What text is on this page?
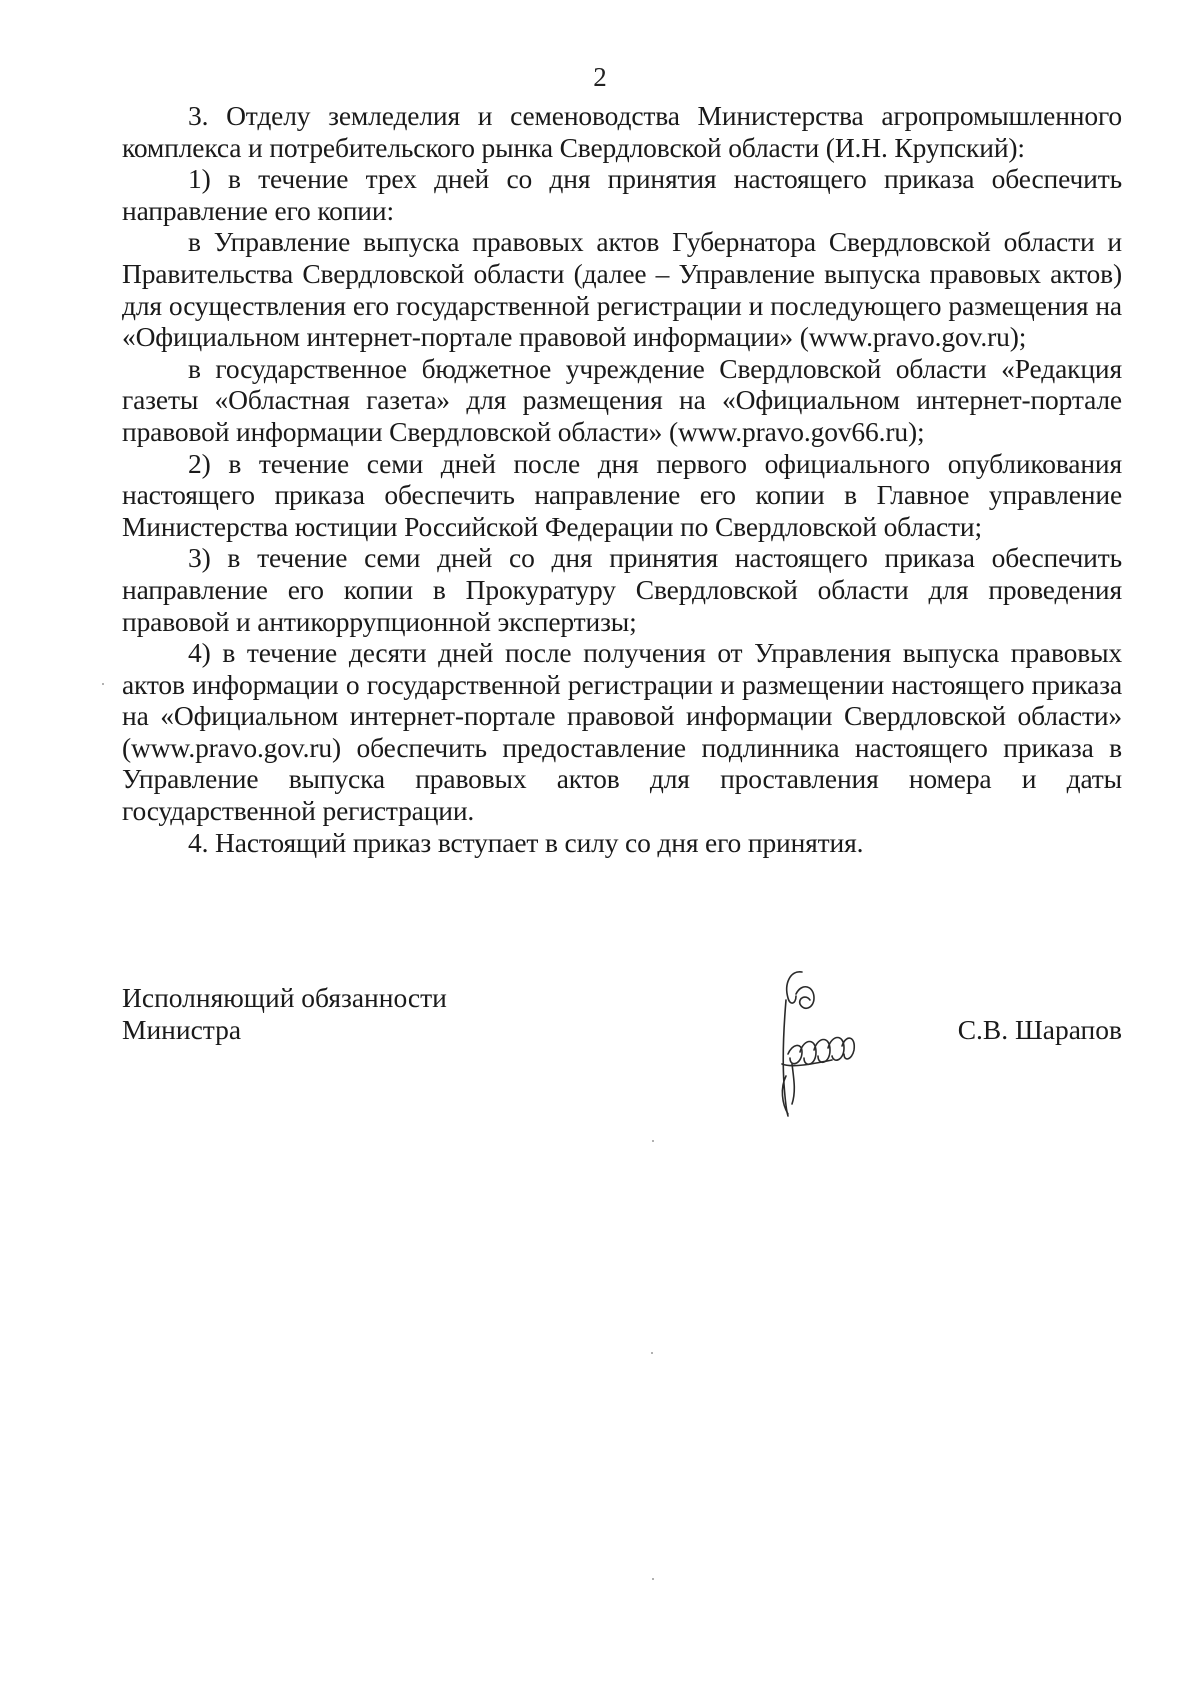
2

3. Отделу земледелия и семеноводства Министерства агропромышленного комплекса и потребительского рынка Свердловской области (И.Н. Крупский):

1) в течение трех дней со дня принятия настоящего приказа обеспечить направление его копии:

в Управление выпуска правовых актов Губернатора Свердловской области и Правительства Свердловской области (далее – Управление выпуска правовых актов) для осуществления его государственной регистрации и последующего размещения на «Официальном интернет-портале правовой информации» (www.pravo.gov.ru);

в государственное бюджетное учреждение Свердловской области «Редакция газеты «Областная газета» для размещения на «Официальном интернет-портале правовой информации Свердловской области» (www.pravo.gov66.ru);

2) в течение семи дней после дня первого официального опубликования настоящего приказа обеспечить направление его копии в Главное управление Министерства юстиции Российской Федерации по Свердловской области;

3) в течение семи дней со дня принятия настоящего приказа обеспечить направление его копии в Прокуратуру Свердловской области для проведения правовой и антикоррупционной экспертизы;

4) в течение десяти дней после получения от Управления выпуска правовых актов информации о государственной регистрации и размещении настоящего приказа на «Официальном интернет-портале правовой информации Свердловской области» (www.pravo.gov.ru) обеспечить предоставление подлинника настоящего приказа в Управление выпуска правовых актов для проставления номера и даты государственной регистрации.

4. Настоящий приказ вступает в силу со дня его принятия.

Исполняющий обязанности
Министра	С.В. Шарапов
